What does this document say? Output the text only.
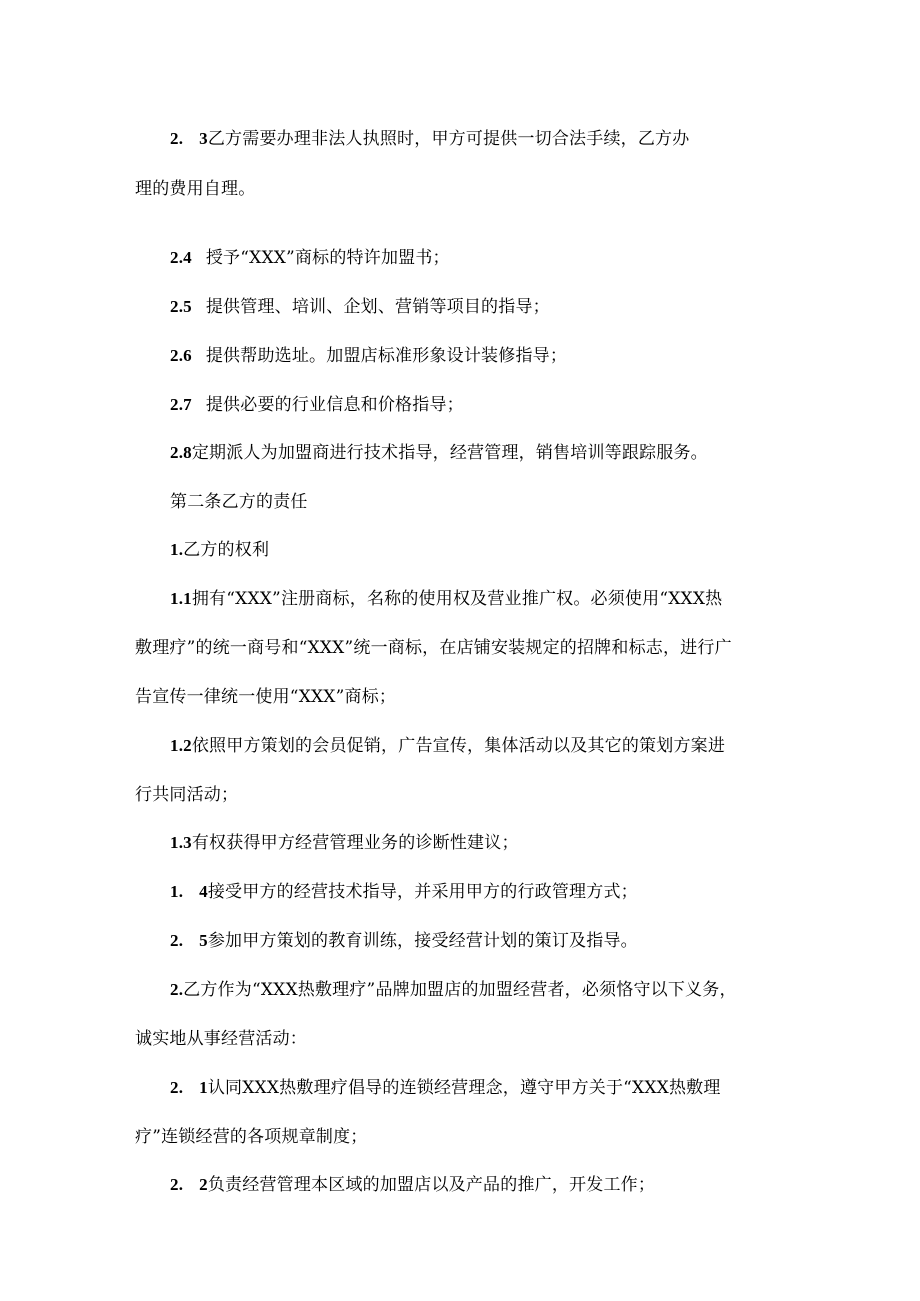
2. 3乙方需要办理非法人执照时，甲方可提供一切合法手续，乙方办
理的费用自理。
2.4 授予“XXX”商标的特许加盟书；
2.5 提供管理、培训、企划、营销等项目的指导；
2.6 提供帮助选址。加盟店标准形象设计装修指导；
2.7 提供必要的行业信息和价格指导；
2.8定期派人为加盟商进行技术指导，经营管理，销售培训等跟踪服务。
第二条乙方的责任
1.乙方的权利
1.1拥有“XXX”注册商标，名称的使用权及营业推广权。必须使用“XXX热
敷理疗”的统一商号和“XXX”统一商标，在店铺安装规定的招牌和标志，进行广
告宣传一律统一使用“XXX”商标；
1.2依照甲方策划的会员促销，广告宣传，集体活动以及其它的策划方案进
行共同活动；
1.3有权获得甲方经营管理业务的诊断性建议；
1. 4接受甲方的经营技术指导，并采用甲方的行政管理方式；
2. 5参加甲方策划的教育训练，接受经营计划的策订及指导。
2.乙方作为“XXX热敷理疗”品牌加盟店的加盟经营者，必须恪守以下义务，
诚实地从事经营活动：
2. 1认同XXX热敷理疗倡导的连锁经营理念，遵守甲方关于“XXX热敷理
疗”连锁经营的各项规章制度；
2. 2负责经营管理本区域的加盟店以及产品的推广，开发工作；
